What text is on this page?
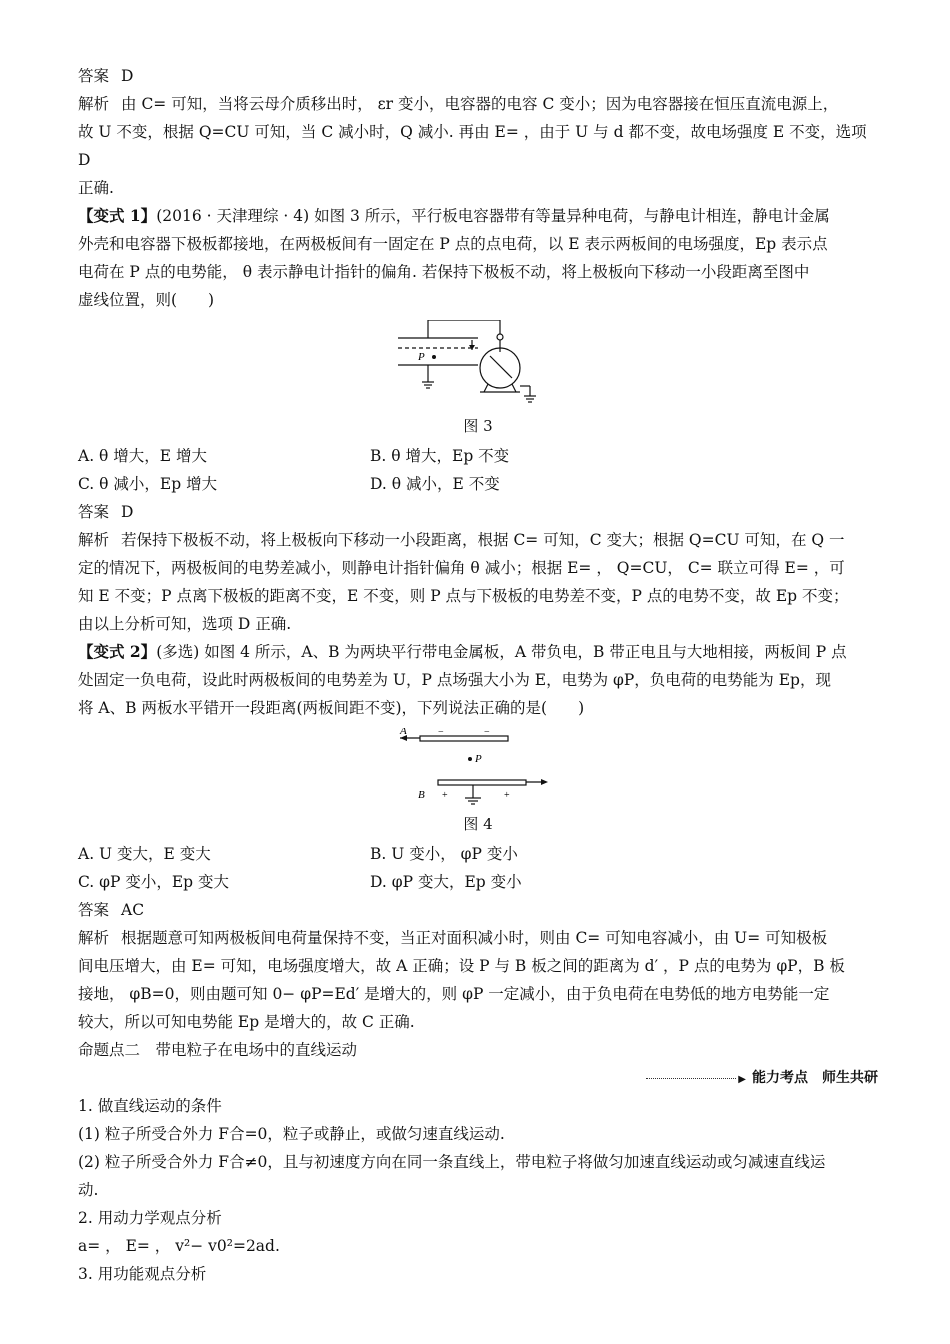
答案 D

解析 由 C= 可知，当将云母介质移出时， εr 变小，电容器的电容 C 变小；因为电容器接在恒压直流电源上，
故 U 不变，根据 Q=CU 可知，当 C 减小时，Q 减小. 再由 E= ，由于 U 与 d 都不变，故电场强度 E 不变，选项 D
正确.

【变式 1】(2016 · 天津理综 · 4) 如图 3 所示，平行板电容器带有等量异种电荷，与静电计相连，静电计金属
外壳和电容器下极板都接地，在两极板间有一固定在 P 点的点电荷，以 E 表示两板间的电场强度，Ep 表示点
电荷在 P 点的电势能， θ 表示静电计指针的偏角. 若保持下极板不动，将上极板向下移动一小段距离至图中
虚线位置，则(　　)

P
图 3
A. θ 增大，E 增大	B. θ 增大，Ep 不变
C. θ 减小，Ep 增大	D. θ 减小，E 不变

答案 D

解析 若保持下极板不动，将上极板向下移动一小段距离，根据 C= 可知，C 变大；根据 Q=CU 可知，在 Q 一
定的情况下，两极板间的电势差减小，则静电计指针偏角 θ 减小；根据 E= ， Q=CU， C= 联立可得 E= ，可
知 E 不变；P 点离下极板的距离不变，E 不变，则 P 点与下极板的电势差不变，P 点的电势不变，故 Ep 不变；
由以上分析可知，选项 D 正确.

【变式 2】(多选) 如图 4 所示，A、B 为两块平行带电金属板，A 带负电，B 带正电且与大地相接，两板间 P 点
处固定一负电荷，设此时两极板间的电势差为 U，P 点场强大小为 E，电势为 φP，负电荷的电势能为 Ep，现
将 A、B 两板水平错开一段距离(两板间距不变)，下列说法正确的是(　　)

A
B
P
−	−
+	+
图 4
A. U 变大，E 变大	B. U 变小， φP 变小
C. φP 变小，Ep 变大	D. φP 变大，Ep 变小

答案 AC

解析 根据题意可知两极板间电荷量保持不变，当正对面积减小时，则由 C= 可知电容减小，由 U= 可知极板
间电压增大，由 E= 可知，电场强度增大，故 A 正确；设 P 与 B 板之间的距离为 d′ ，P 点的电势为 φP，B 板
接地， φB=0，则由题可知 0− φP=Ed′ 是增大的，则 φP 一定减小，由于负电荷在电势低的地方电势能一定
较大，所以可知电势能 Ep 是增大的，故 C 正确.

命题点二　带电粒子在电场中的直线运动

▶ 能力考点　师生共研

1. 做直线运动的条件
(1) 粒子所受合外力 F合=0，粒子或静止，或做匀速直线运动.
(2) 粒子所受合外力 F合≠0，且与初速度方向在同一条直线上，带电粒子将做匀加速直线运动或匀减速直线运
动.
2. 用动力学观点分析
a= ， E= ， v²− v0²=2ad.
3. 用功能观点分析
